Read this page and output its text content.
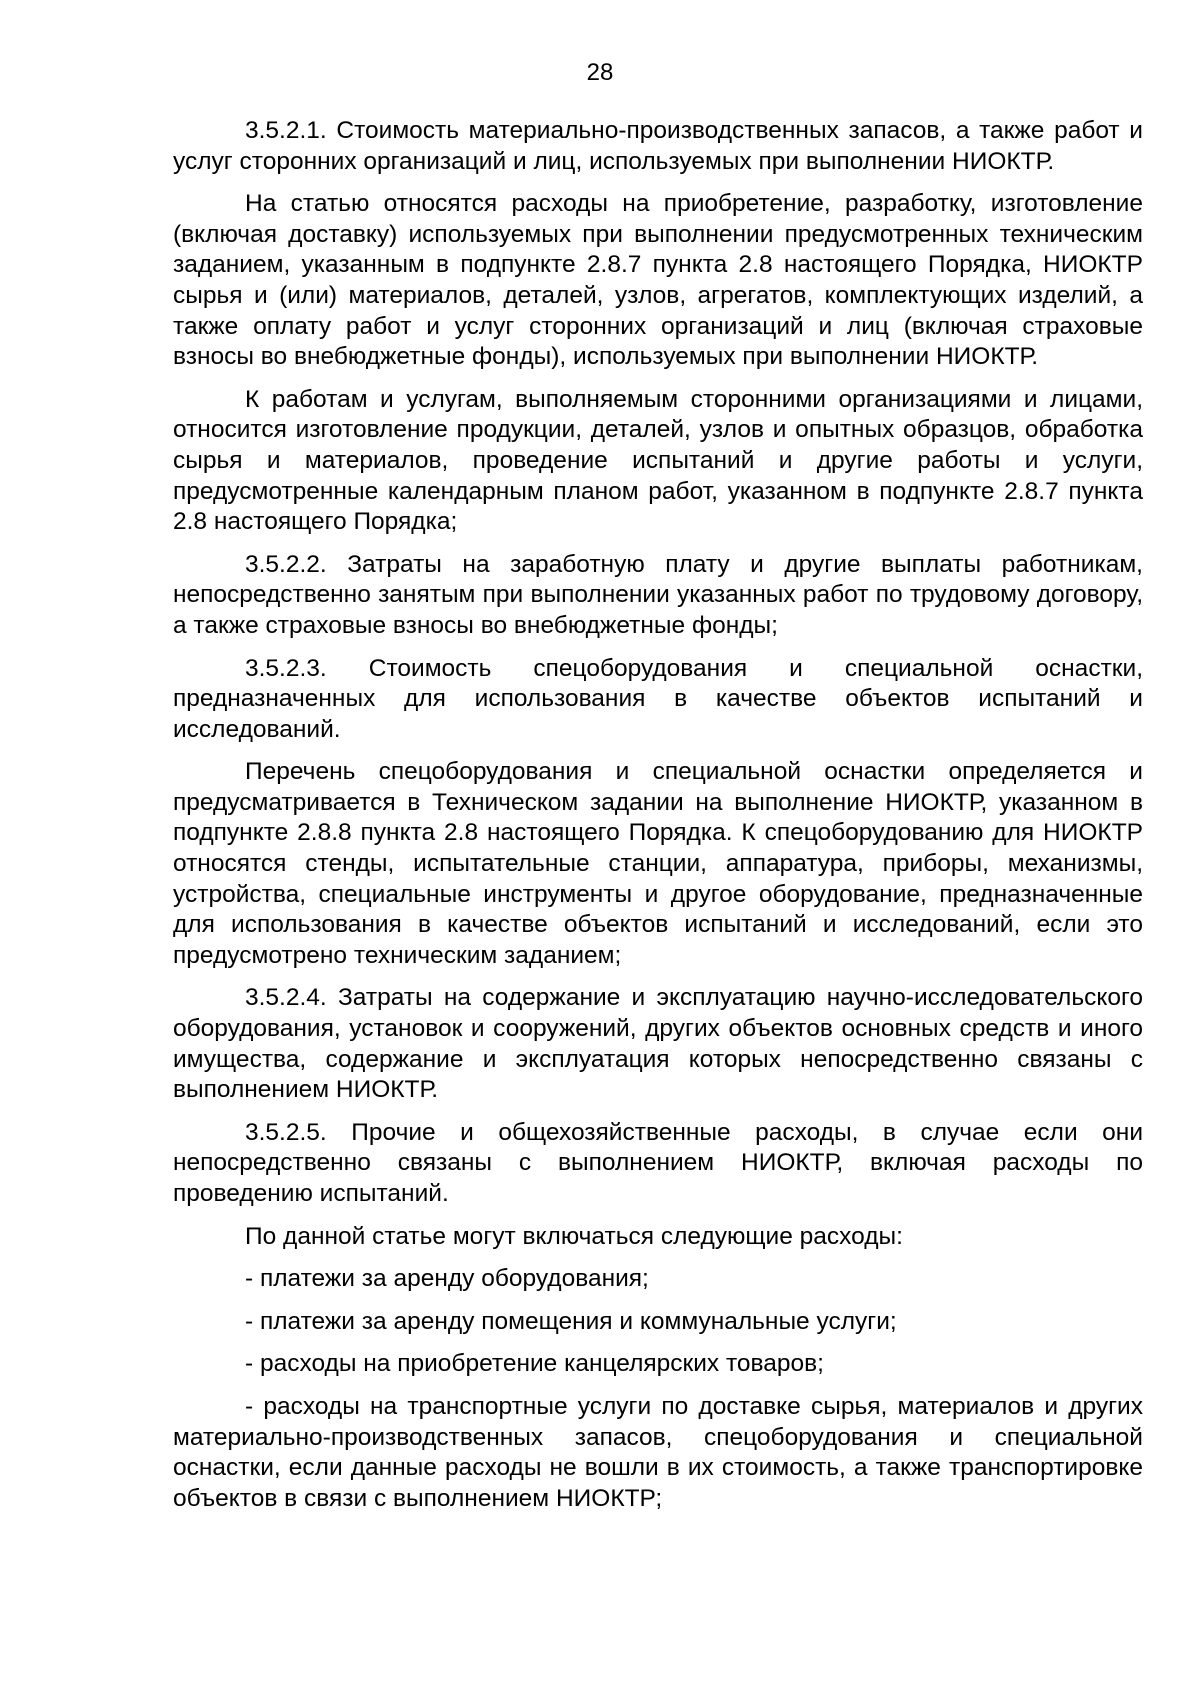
28

3.5.2.1. Стоимость материально-производственных запасов, а также работ и услуг сторонних организаций и лиц, используемых при выполнении НИОКТР.

На статью относятся расходы на приобретение, разработку, изготовление (включая доставку) используемых при выполнении предусмотренных техническим заданием, указанным в подпункте 2.8.7 пункта 2.8 настоящего Порядка, НИОКТР сырья и (или) материалов, деталей, узлов, агрегатов, комплектующих изделий, а также оплату работ и услуг сторонних организаций и лиц (включая страховые взносы во внебюджетные фонды), используемых при выполнении НИОКТР.

К работам и услугам, выполняемым сторонними организациями и лицами, относится изготовление продукции, деталей, узлов и опытных образцов, обработка сырья и материалов, проведение испытаний и другие работы и услуги, предусмотренные календарным планом работ, указанном в подпункте 2.8.7 пункта 2.8 настоящего Порядка;

3.5.2.2. Затраты на заработную плату и другие выплаты работникам, непосредственно занятым при выполнении указанных работ по трудовому договору, а также страховые взносы во внебюджетные фонды;

3.5.2.3. Стоимость спецоборудования и специальной оснастки, предназначенных для использования в качестве объектов испытаний и исследований.

Перечень спецоборудования и специальной оснастки определяется и предусматривается в Техническом задании на выполнение НИОКТР, указанном в подпункте 2.8.8 пункта 2.8 настоящего Порядка. К спецоборудованию для НИОКТР относятся стенды, испытательные станции, аппаратура, приборы, механизмы, устройства, специальные инструменты и другое оборудование, предназначенные для использования в качестве объектов испытаний и исследований, если это предусмотрено техническим заданием;

3.5.2.4. Затраты на содержание и эксплуатацию научно-исследовательского оборудования, установок и сооружений, других объектов основных средств и иного имущества, содержание и эксплуатация которых непосредственно связаны с выполнением НИОКТР.

3.5.2.5. Прочие и общехозяйственные расходы, в случае если они непосредственно связаны с выполнением НИОКТР, включая расходы по проведению испытаний.

По данной статье могут включаться следующие расходы:

- платежи за аренду оборудования;

- платежи за аренду помещения и коммунальные услуги;

- расходы на приобретение канцелярских товаров;

- расходы на транспортные услуги по доставке сырья, материалов и других материально-производственных запасов, спецоборудования и специальной оснастки, если данные расходы не вошли в их стоимость, а также транспортировке объектов в связи с выполнением НИОКТР;
